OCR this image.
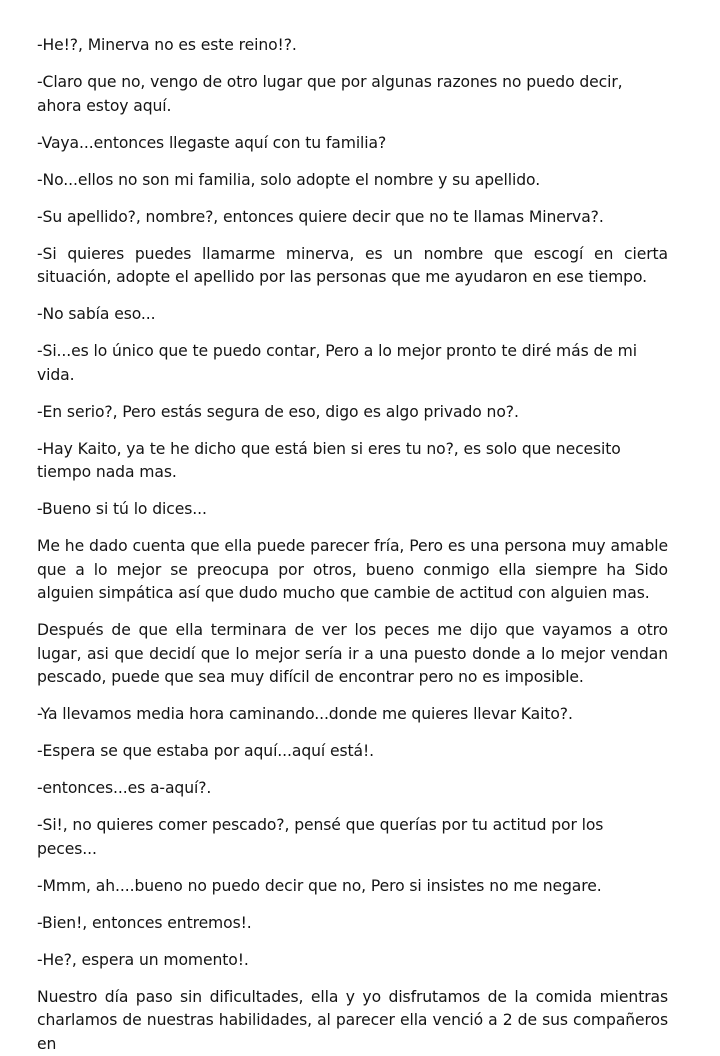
-He!?, Minerva no es este reino!?.

-Claro que no, vengo de otro lugar que por algunas razones no puedo decir, ahora estoy aquí.

-Vaya...entonces llegaste aquí con tu familia?

-No...ellos no son mi familia, solo adopte el nombre y su apellido.

-Su apellido?, nombre?, entonces quiere decir que no te llamas Minerva?.

-Si quieres puedes llamarme minerva, es un nombre que escogí en cierta situación, adopte el apellido por las personas que me ayudaron en ese tiempo.

-No sabía eso...

-Si...es lo único que te puedo contar, Pero a lo mejor pronto te diré más de mi vida.

-En serio?, Pero estás segura de eso, digo es algo privado no?.

-Hay Kaito, ya te he dicho que está bien si eres tu no?, es solo que necesito tiempo nada mas.

-Bueno si tú lo dices...

Me he dado cuenta que ella puede parecer fría, Pero es una persona muy amable que a lo mejor se preocupa por otros, bueno conmigo ella siempre ha Sido alguien simpática así que dudo mucho que cambie de actitud con alguien mas.

Después de que ella terminara de ver los peces me dijo que vayamos a otro lugar, asi que decidí que lo mejor sería ir a una puesto donde a lo mejor vendan pescado, puede que sea muy difícil de encontrar pero no es imposible.

-Ya llevamos media hora caminando...donde me quieres llevar Kaito?.

-Espera se que estaba por aquí...aquí está!.

-entonces...es a-aquí?.

-Si!, no quieres comer pescado?, pensé que querías por tu actitud por los peces...

-Mmm, ah....bueno no puedo decir que no, Pero si insistes no me negare.

-Bien!, entonces entremos!.

-He?, espera un momento!.

Nuestro día paso sin dificultades, ella y yo disfrutamos de la comida mientras charlamos de nuestras habilidades, al parecer ella venció a 2 de sus compañeros en
